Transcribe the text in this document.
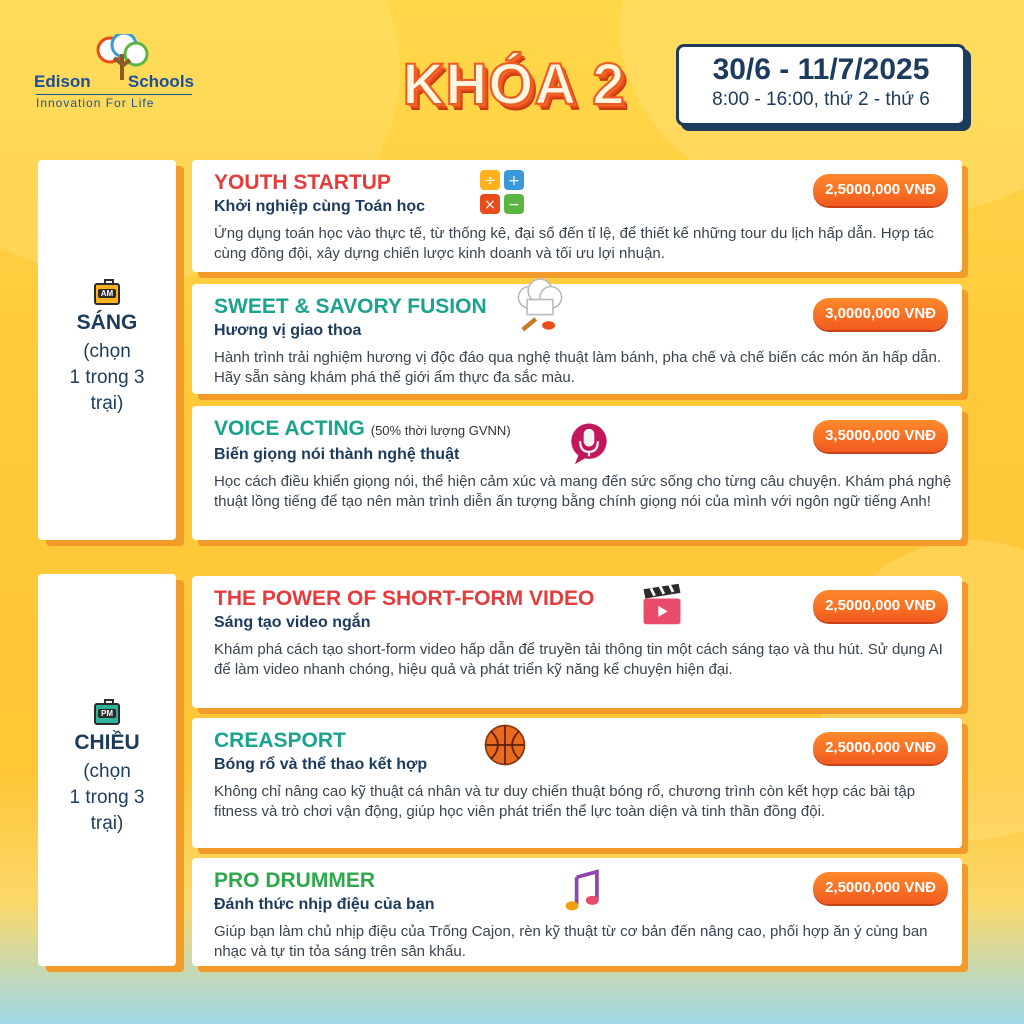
Edison Schools
Innovation For Life	KHÓA 2	30/6 - 11/7/2025
8:00 - 16:00, thứ 2 - thứ 6
AM
SÁNG
(chọn
1 trong 3
trại)
PM
CHIỀU
(chọn
1 trong 3
trại)
YOUTH STARTUP
Khởi nghiệp cùng Toán học
Ứng dụng toán học vào thực tế, từ thống kê, đại số đến tỉ lệ, để thiết kế những tour du lịch hấp dẫn. Hợp tác cùng đồng đội, xây dựng chiến lược kinh doanh và tối ưu lợi nhuận.
2,5000,000 VNĐ
÷ +
× −
SWEET & SAVORY FUSION
Hương vị giao thoa
Hành trình trải nghiệm hương vị độc đáo qua nghệ thuật làm bánh, pha chế và chế biến các món ăn hấp dẫn. Hãy sẵn sàng khám phá thế giới ẩm thực đa sắc màu.
3,0000,000 VNĐ
VOICE ACTING (50% thời lượng GVNN)
Biến giọng nói thành nghệ thuật
Học cách điều khiển giọng nói, thể hiện cảm xúc và mang đến sức sống cho từng câu chuyện. Khám phá nghệ thuật lồng tiếng để tạo nên màn trình diễn ấn tượng bằng chính giọng nói của mình với ngôn ngữ tiếng Anh!
3,5000,000 VNĐ
THE POWER OF SHORT-FORM VIDEO
Sáng tạo video ngắn
Khám phá cách tạo short-form video hấp dẫn để truyền tải thông tin một cách sáng tạo và thu hút. Sử dụng AI để làm video nhanh chóng, hiệu quả và phát triển kỹ năng kể chuyện hiện đại.
2,5000,000 VNĐ
CREASPORT
Bóng rổ và thể thao kết hợp
Không chỉ nâng cao kỹ thuật cá nhân và tư duy chiến thuật bóng rổ, chương trình còn kết hợp các bài tập fitness và trò chơi vận động, giúp học viên phát triển thể lực toàn diện và tinh thần đồng đội.
2,5000,000 VNĐ
PRO DRUMMER
Đánh thức nhịp điệu của bạn
Giúp bạn làm chủ nhịp điệu của Trống Cajon, rèn kỹ thuật từ cơ bản đến nâng cao, phối hợp ăn ý cùng ban nhạc và tự tin tỏa sáng trên sân khấu.
2,5000,000 VNĐ
